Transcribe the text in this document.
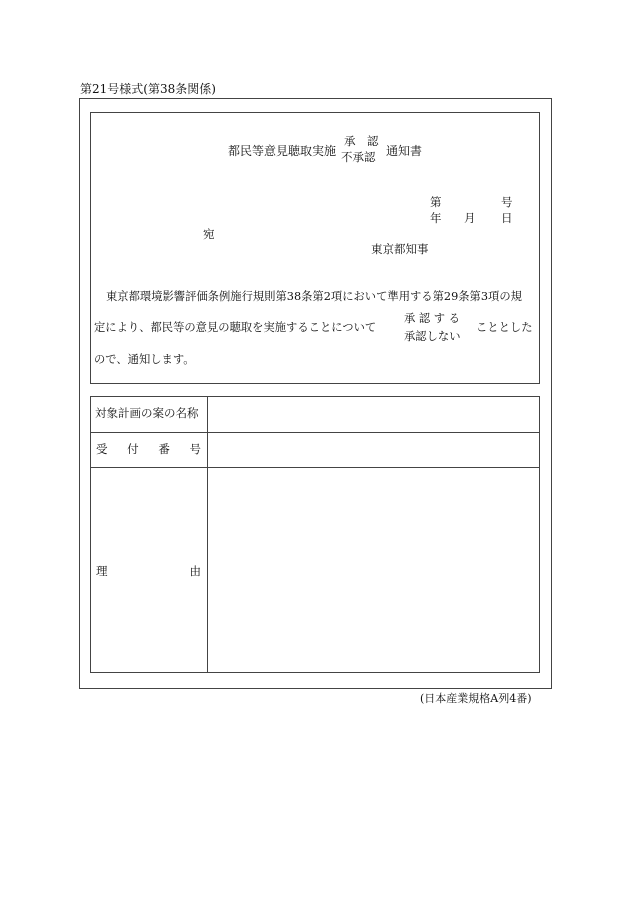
第21号様式(第38条関係)
都民等意見聴取実施
承　認
不承認 通知書
第	号
年 月 日
宛
東京都知事
東京都環境影響評価条例施行規則第38条第2項において準用する第29条第3項の規
定により、都民等の意見の聴取を実施することについて
承 認 す る
承認しない
こととした
ので、通知します。
対象計画の案の名称
受 付 番 号
理	由
(日本産業規格A列4番)
